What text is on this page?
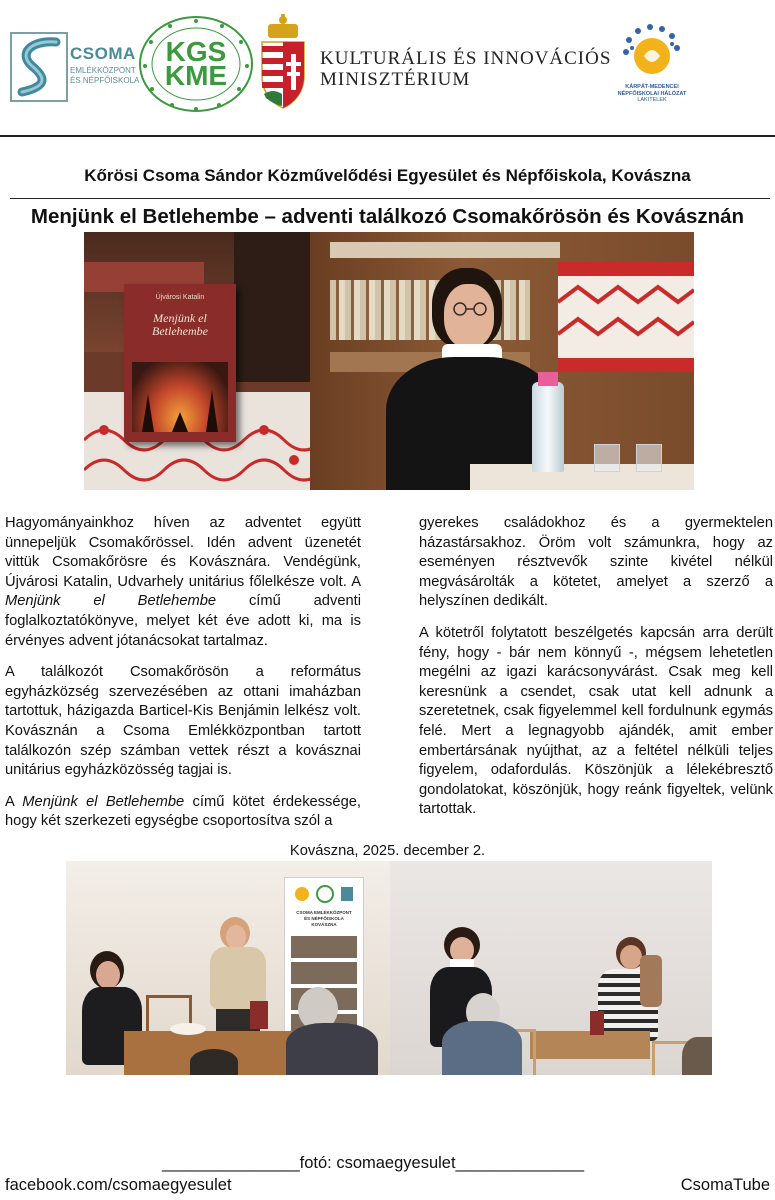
CSOMA
EMLÉKKÖZPONT ÉS NÉPFŐISKOLA
KGS
KME
KULTURÁLIS ÉS INNOVÁCIÓS
MINISZTÉRIUM	KÁRPÁT-MEDENCEI
NÉPFŐISKOLAI HÁLÓZAT
LAKITELEK
Kőrösi Csoma Sándor Közművelődési Egyesület és Népfőiskola, Kovászna
Menjünk el Betlehembe – adventi találkozó Csomakőrösön és Kovásznán
Újvárosi Katalin
Menjünk el
Betlehembe

Hagyományainkhoz híven az adventet együtt ünnepeljük Csomakőrössel. Idén advent üzenetét vittük Csomakőrösre és Kovásznára. Vendégünk, Újvárosi Katalin, Udvarhely unitárius főlelkésze volt. A Menjünk el Betlehembe című adventi foglalkoztatókönyve, melyet két éve adott ki, ma is érvényes advent jótanácsokat tartalmaz.

A találkozót Csomakőrösön a református egyházközség szervezésében az ottani imaházban tartottuk, házigazda Barticel-Kis Benjámin lelkész volt. Kovásznán a Csoma Emlékközpontban tartott találkozón szép számban vettek részt a kovásznai unitárius egyházközösség tagjai is.

A Menjünk el Betlehembe című kötet érdekessége, hogy két szerkezeti egységbe csoportosítva szól a

gyerekes családokhoz és a gyermektelen házastársakhoz. Öröm volt számunkra, hogy az eseményen résztvevők szinte kivétel nélkül megvásárolták a kötetet, amelyet a szerző a helyszínen dedikált.

A kötetről folytatott beszélgetés kapcsán arra derült fény, hogy - bár nem könnyű -, mégsem lehetetlen megélni az igazi karácsonyvárást. Csak meg kell keresnünk a csendet, csak utat kell adnunk a szeretetnek, csak figyelemmel kell fordulnunk egymás felé. Mert a legnagyobb ajándék, amit ember embertársának nyújthat, az a feltétel nélküli teljes figyelem, odafordulás. Köszönjük a lélekébresztő gondolatokat, köszönjük, hogy reánk figyeltek, velünk tartottak.

Kovászna, 2025. december 2.
CSOMA EMLÉKKÖZPONT
ÉS NÉPFŐISKOLA
KOVÁSZNA
_______________fotó: csomaegyesulet______________
facebook.com/csomaegyesulet	CsomaTube
